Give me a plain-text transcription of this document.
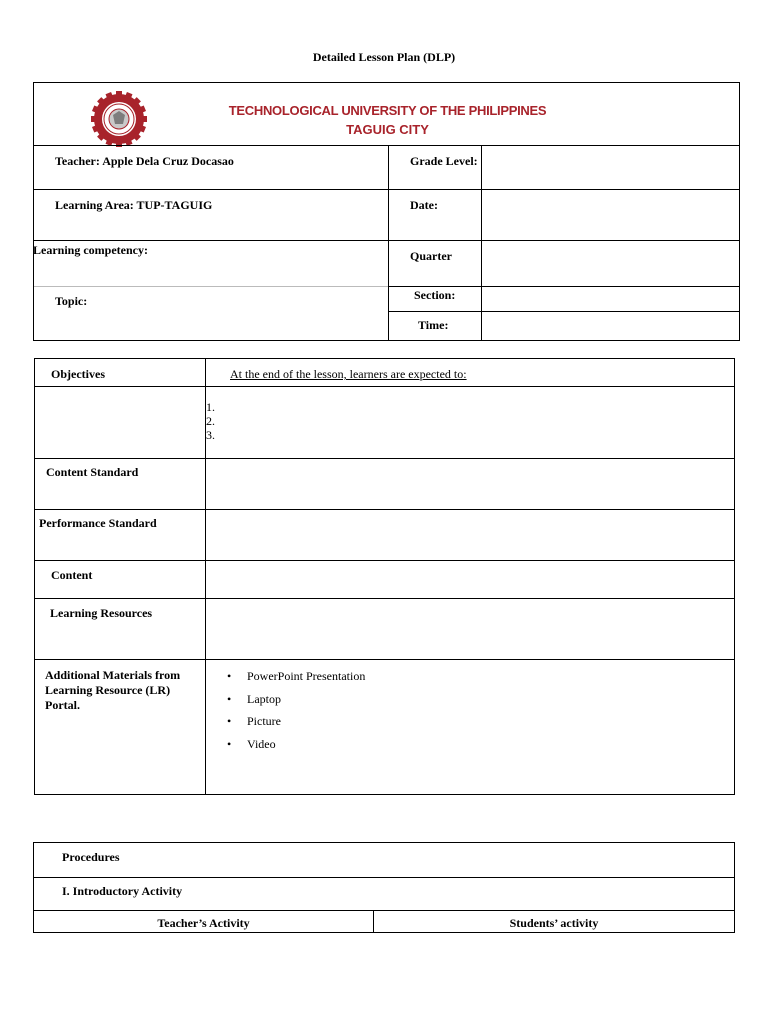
Detailed Lesson Plan (DLP)
TECHNOLOGICAL UNIVERSITY OF THE PHILIPPINES
TAGUIG CITY
Teacher: Apple Dela Cruz Docasao	Grade Level:
Learning Area: TUP-TAGUIG	Date:
Learning competency:	Quarter
Topic:	Section:
Time:
Objectives	At the end of the lesson, learners are expected to:
1.
2.
3.
Content Standard
Performance Standard
Content
Learning Resources
Additional Materials from Learning Resource (LR) Portal.
• PowerPoint Presentation
• Laptop
• Picture
• Video
Procedures
I. Introductory Activity
Teacher’s Activity	Students’ activity
